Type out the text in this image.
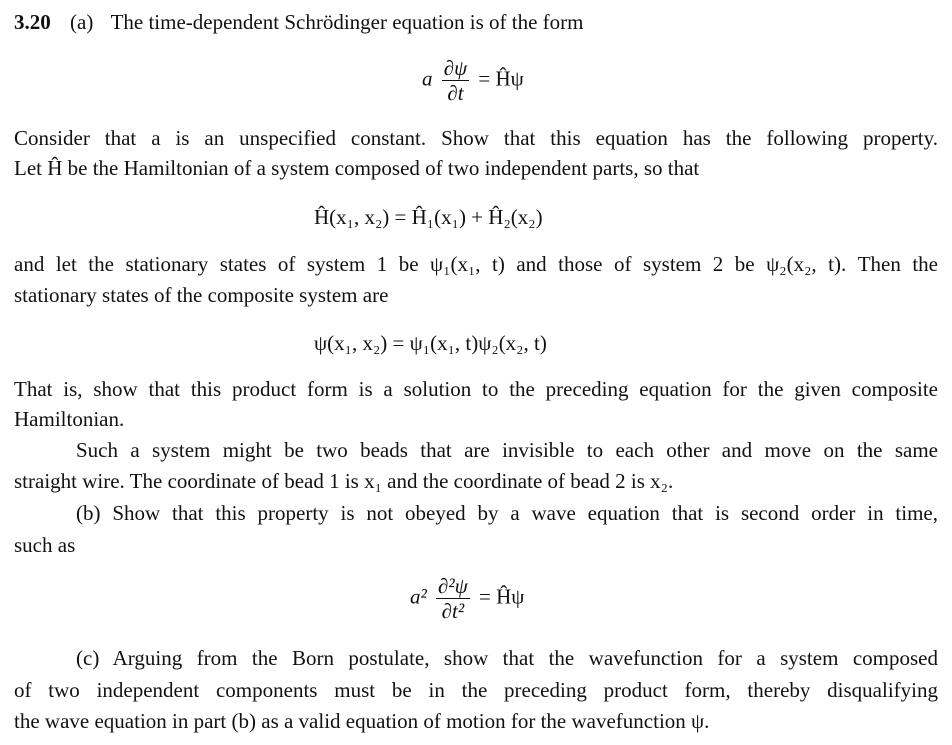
3.20 (a) The time-dependent Schrödinger equation is of the form
a $\frac{\partial\psi}{\partial t}$ = Ĥψ
Consider that a is an unspecified constant. Show that this equation has the following property.
Let Ĥ be the Hamiltonian of a system composed of two independent parts, so that
Ĥ(x₁, x₂) = Ĥ₁(x₁) + Ĥ₂(x₂)
and let the stationary states of system 1 be ψ₁(x₁, t) and those of system 2 be ψ₂(x₂, t). Then the
stationary states of the composite system are
ψ(x₁, x₂) = ψ₁(x₁, t)ψ₂(x₂, t)
That is, show that this product form is a solution to the preceding equation for the given composite
Hamiltonian.
Such a system might be two beads that are invisible to each other and move on the same
straight wire. The coordinate of bead 1 is x₁ and the coordinate of bead 2 is x₂.
(b) Show that this property is not obeyed by a wave equation that is second order in time,
such as
$a^2 \frac{\text{∂²ψ}}{\text{∂t²}}$ = Ĥψ
(c) Arguing from the Born postulate, show that the wavefunction for a system composed
of two independent components must be in the preceding product form, thereby disqualifying
the wave equation in part (b) as a valid equation of motion for the wavefunction ψ.
